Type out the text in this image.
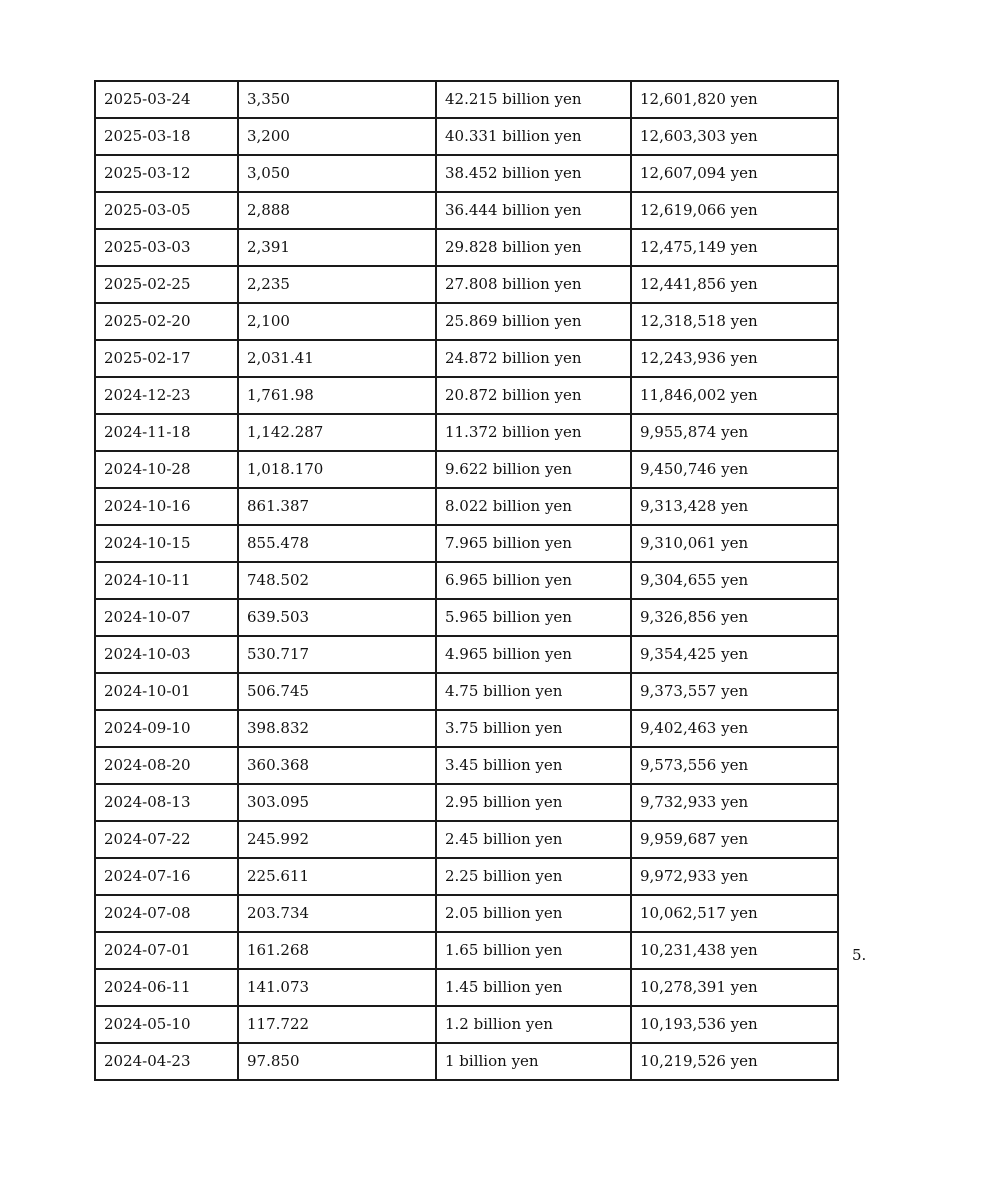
2025-03-24	3,350	42.215 billion yen	12,601,820 yen
2025-03-18	3,200	40.331 billion yen	12,603,303 yen
2025-03-12	3,050	38.452 billion yen	12,607,094 yen
2025-03-05	2,888	36.444 billion yen	12,619,066 yen
2025-03-03	2,391	29.828 billion yen	12,475,149 yen
2025-02-25	2,235	27.808 billion yen	12,441,856 yen
2025-02-20	2,100	25.869 billion yen	12,318,518 yen
2025-02-17	2,031.41	24.872 billion yen	12,243,936 yen
2024-12-23	1,761.98	20.872 billion yen	11,846,002 yen
2024-11-18	1,142.287	11.372 billion yen	9,955,874 yen
2024-10-28	1,018.170	9.622 billion yen	9,450,746 yen
2024-10-16	861.387	8.022 billion yen	9,313,428 yen
2024-10-15	855.478	7.965 billion yen	9,310,061 yen
2024-10-11	748.502	6.965 billion yen	9,304,655 yen
2024-10-07	639.503	5.965 billion yen	9,326,856 yen
2024-10-03	530.717	4.965 billion yen	9,354,425 yen
2024-10-01	506.745	4.75 billion yen	9,373,557 yen
2024-09-10	398.832	3.75 billion yen	9,402,463 yen
2024-08-20	360.368	3.45 billion yen	9,573,556 yen
2024-08-13	303.095	2.95 billion yen	9,732,933 yen
2024-07-22	245.992	2.45 billion yen	9,959,687 yen
2024-07-16	225.611	2.25 billion yen	9,972,933 yen
2024-07-08	203.734	2.05 billion yen	10,062,517 yen
2024-07-01	161.268	1.65 billion yen	10,231,438 yen
2024-06-11	141.073	1.45 billion yen	10,278,391 yen
2024-05-10	117.722	1.2 billion yen	10,193,536 yen
2024-04-23	97.850	1 billion yen	10,219,526 yen
5.
